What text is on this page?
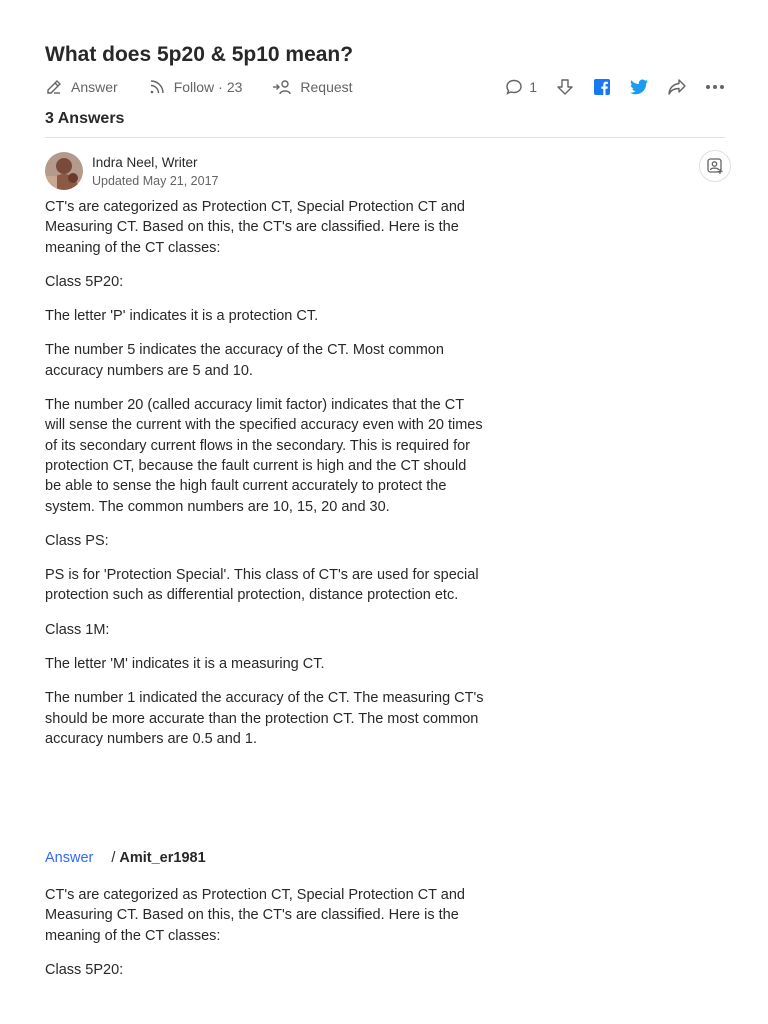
What does 5p20 & 5p10 mean?
Answer	Follow · 23	Request	1
3 Answers
Indra Neel, Writer
Updated May 21, 2017

CT's are categorized as Protection CT, Special Protection CT and Measuring CT. Based on this, the CT's are classified. Here is the meaning of the CT classes:

Class 5P20:

The letter 'P' indicates it is a protection CT.

The number 5 indicates the accuracy of the CT. Most common accuracy numbers are 5 and 10.

The number 20 (called accuracy limit factor) indicates that the CT will sense the current with the specified accuracy even with 20 times of its secondary current flows in the secondary. This is required for protection CT, because the fault current is high and the CT should be able to sense the high fault current accurately to protect the system. The common numbers are 10, 15, 20 and 30.

Class PS:

PS is for 'Protection Special'. This class of CT's are used for special protection such as differential protection, distance protection etc.

Class 1M:

The letter 'M' indicates it is a measuring CT.

The number 1 indicated the accuracy of the CT. The measuring CT's should be more accurate than the protection CT. The most common accuracy numbers are 0.5 and 1.

Answer / Amit_er1981

CT's are categorized as Protection CT, Special Protection CT and Measuring CT. Based on this, the CT's are classified. Here is the meaning of the CT classes:

Class 5P20:
